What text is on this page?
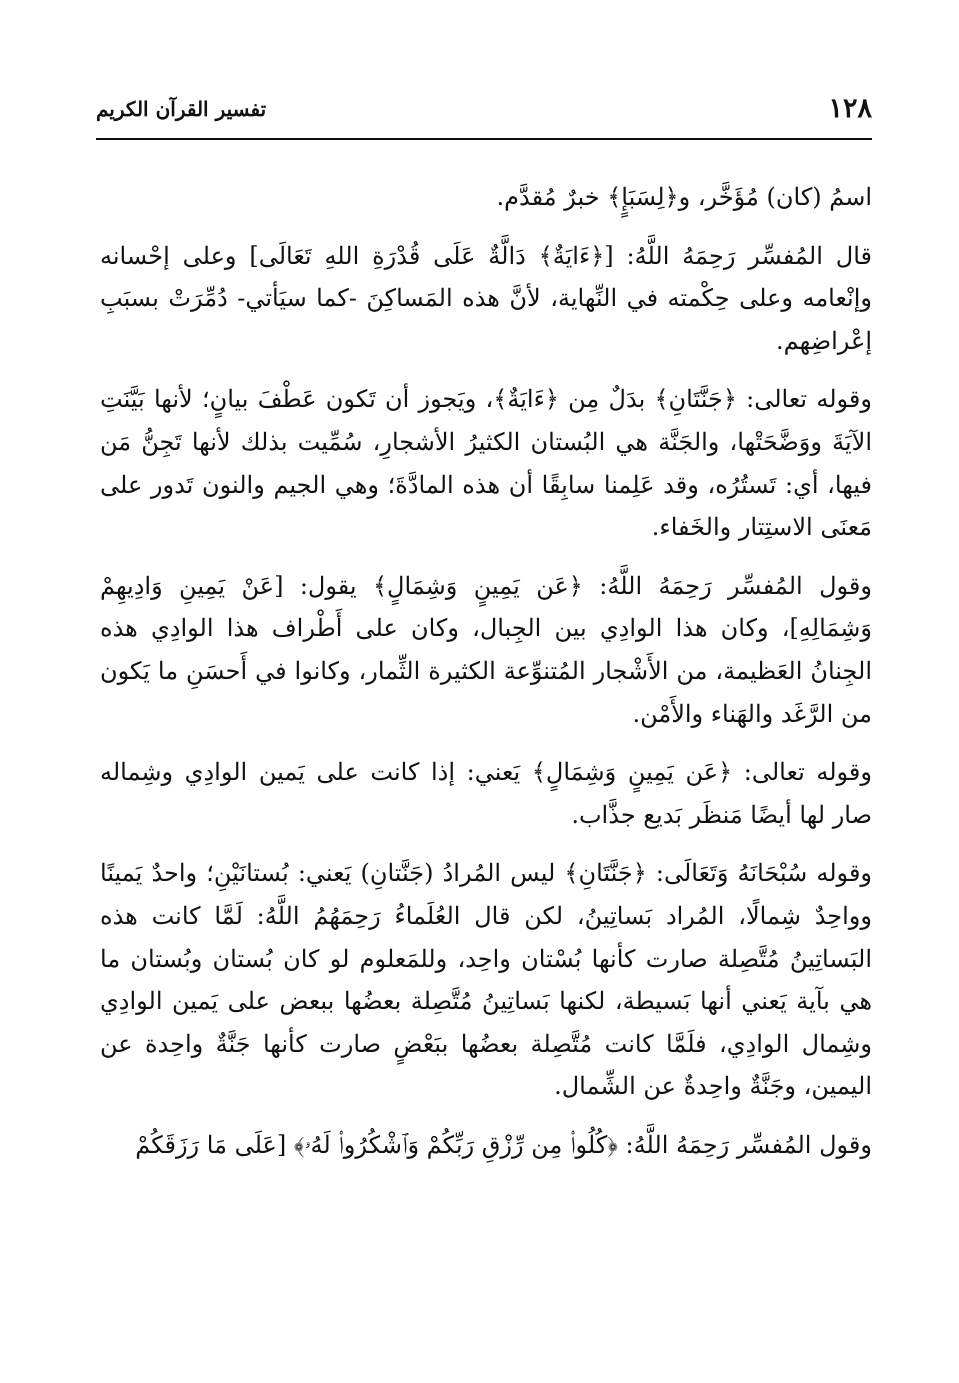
١٢٨
تفسير القرآن الكريم

اسمُ (كان) مُؤَخَّر، و﴿لِسَبَإٍ﴾ خبرٌ مُقدَّم.

قال المُفسِّر رَحِمَهُ اللَّهُ: [﴿ءَايَةٌ﴾ دَالَّةٌ عَلَى قُدْرَةِ اللهِ تَعَالَى] وعلى إحْسانه وإنْعامه وعلى حِكْمته في النِّهاية، لأنَّ هذه المَساكِنَ -كما سيَأتي- دُمِّرَتْ بسبَبِ إعْراضِهم.

وقوله تعالى: ﴿جَنَّتَانِ﴾ بدَلٌ مِن ﴿ءَايَةٌ﴾، ويَجوز أن تَكون عَطْفَ بيانٍ؛ لأنها بَيَّنَتِ الآيَةَ ووَضَّحَتْها، والجَنَّة هي البُستان الكثيرُ الأشجارِ، سُمِّيت بذلك لأنها تَجِنُّ مَن فيها، أي: تَستُرُه، وقد عَلِمنا سابِقًا أن هذه المادَّةَ؛ وهي الجيم والنون تَدور على مَعنَى الاستِتار والخَفاء.

وقول المُفسِّر رَحِمَهُ اللَّهُ: ﴿عَن يَمِينٍ وَشِمَالٍ﴾ يقول: [عَنْ يَمِينِ وَادِيهِمْ وَشِمَالِهِ]، وكان هذا الوادِي بين الجِبال، وكان على أَطْراف هذا الوادِي هذه الجِنانُ العَظيمة، من الأَشْجار المُتنوِّعة الكثيرة الثِّمار، وكانوا في أَحسَنِ ما يَكون من الرَّغَد والهَناء والأَمْن.

وقوله تعالى: ﴿عَن يَمِينٍ وَشِمَالٍ﴾ يَعني: إذا كانت على يَمين الوادِي وشِماله صار لها أيضًا مَنظَر بَديع جذَّاب.

وقوله سُبْحَانَهُ وَتَعَالَى: ﴿جَنَّتَانِ﴾ ليس المُرادُ (جَنَّتانِ) يَعني: بُستانَيْنِ؛ واحدٌ يَمينًا وواحِدٌ شِمالًا، المُراد بَساتِينُ، لكن قال العُلَماءُ رَحِمَهُمُ اللَّهُ: لَمَّا كانت هذه البَساتِينُ مُتَّصِلة صارت كأنها بُسْتان واحِد، وللمَعلوم لو كان بُستان وبُستان ما هي بآية يَعني أنها بَسيطة، لكنها بَساتِينُ مُتَّصِلة بعضُها ببعض على يَمين الوادِي وشِمال الوادِي، فلَمَّا كانت مُتَّصِلة بعضُها ببَعْضٍ صارت كأنها جَنَّةٌ واحِدة عن اليمين، وجَنَّةٌ واحِدةٌ عن الشِّمال.

وقول المُفسِّر رَحِمَهُ اللَّهُ: ﴿كُلُوا۟ مِن رِّزْقِ رَبِّكُمْ وَٱشْكُرُوا۟ لَهُۥ﴾ [عَلَى مَا رَزَقَكُمْ
